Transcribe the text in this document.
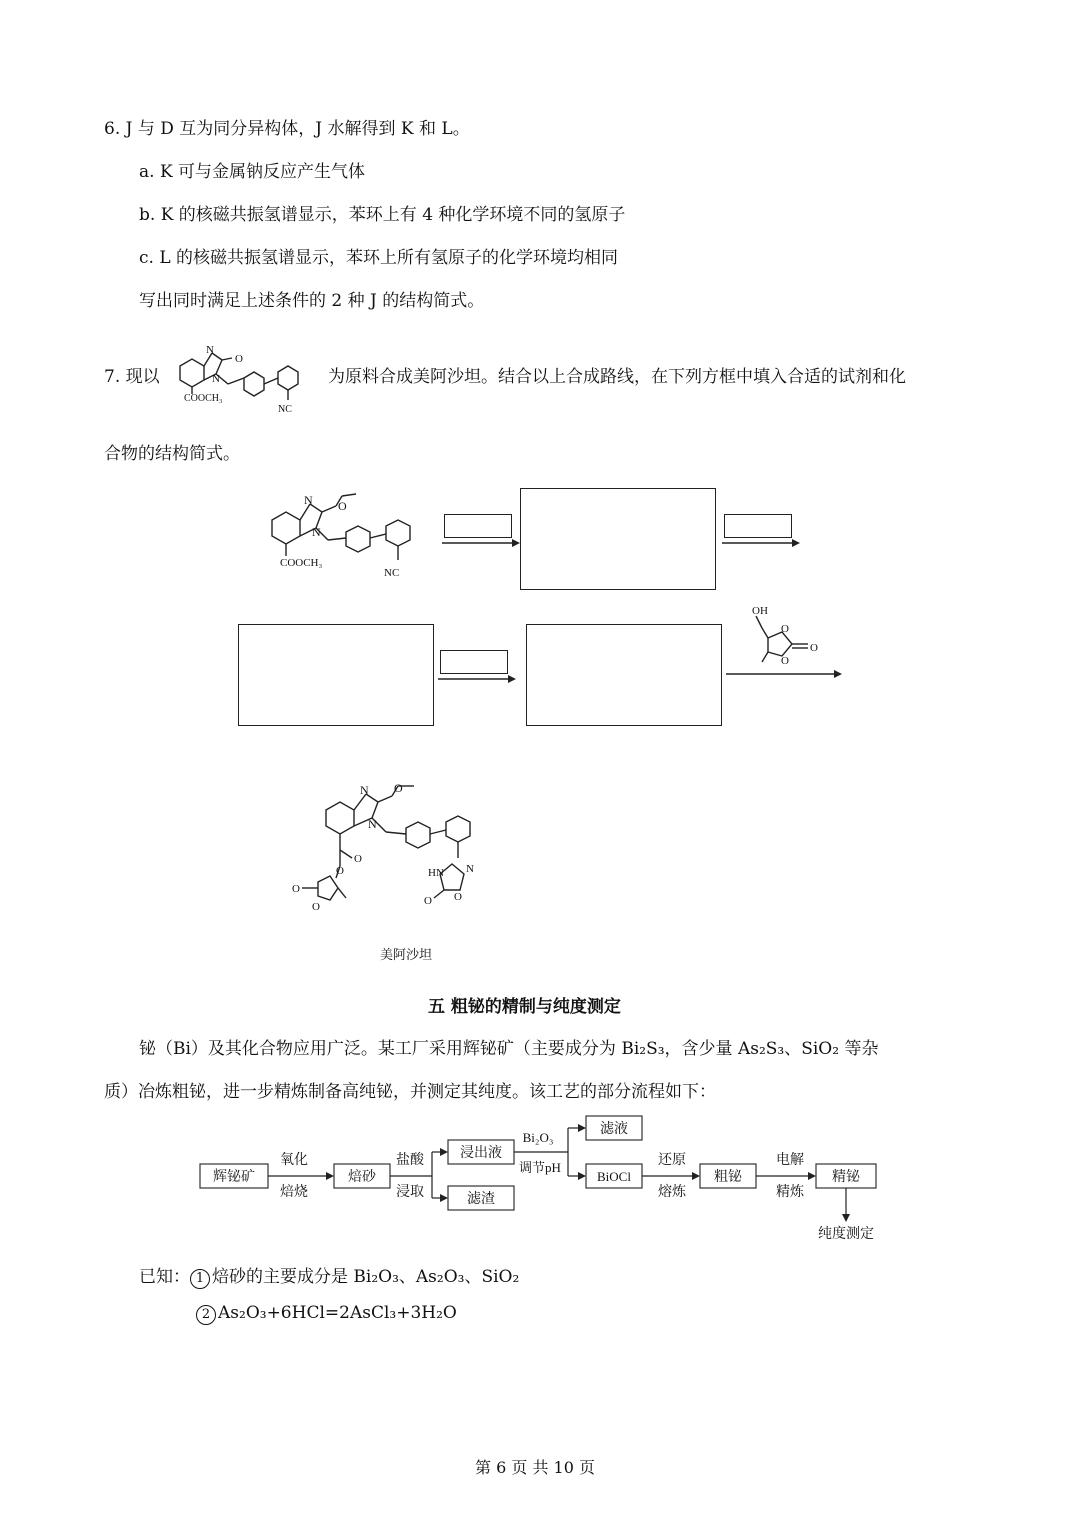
6. J 与 D 互为同分异构体，J 水解得到 K 和 L。
a. K 可与金属钠反应产生气体
b. K 的核磁共振氢谱显示，苯环上有 4 种化学环境不同的氢原子
c. L 的核磁共振氢谱显示，苯环上所有氢原子的化学环境均相同
写出同时满足上述条件的 2 种 J 的结构简式。
7. 现以
N
O
N
COOCH₃
NC
为原料合成美阿沙坦。结合以上合成路线，在下列方框中填入合适的试剂和化
合物的结构简式。
N O
N
COOCH₃
NC
OH
O
O
O
N O
N
O
O
O
O
HN N
O O
美阿沙坦
五 粗铋的精制与纯度测定
铋（Bi）及其化合物应用广泛。某工厂采用辉铋矿（主要成分为 Bi₂S₃，含少量 As₂S₃、SiO₂ 等杂
质）冶炼粗铋，进一步精炼制备高纯铋，并测定其纯度。该工艺的部分流程如下：
辉铋矿
氧化
焙烧
焙砂
盐酸
浸取
浸出液
滤渣
Bi₂O₃
调节pH
滤液
BiOCl
还原
熔炼
粗铋
电解
精炼
精铋
纯度测定
已知： 1 焙砂的主要成分是 Bi₂O₃、As₂O₃、SiO₂
2 As₂O₃+6HCl=2AsCl₃+3H₂O
第 6 页 共 10 页
